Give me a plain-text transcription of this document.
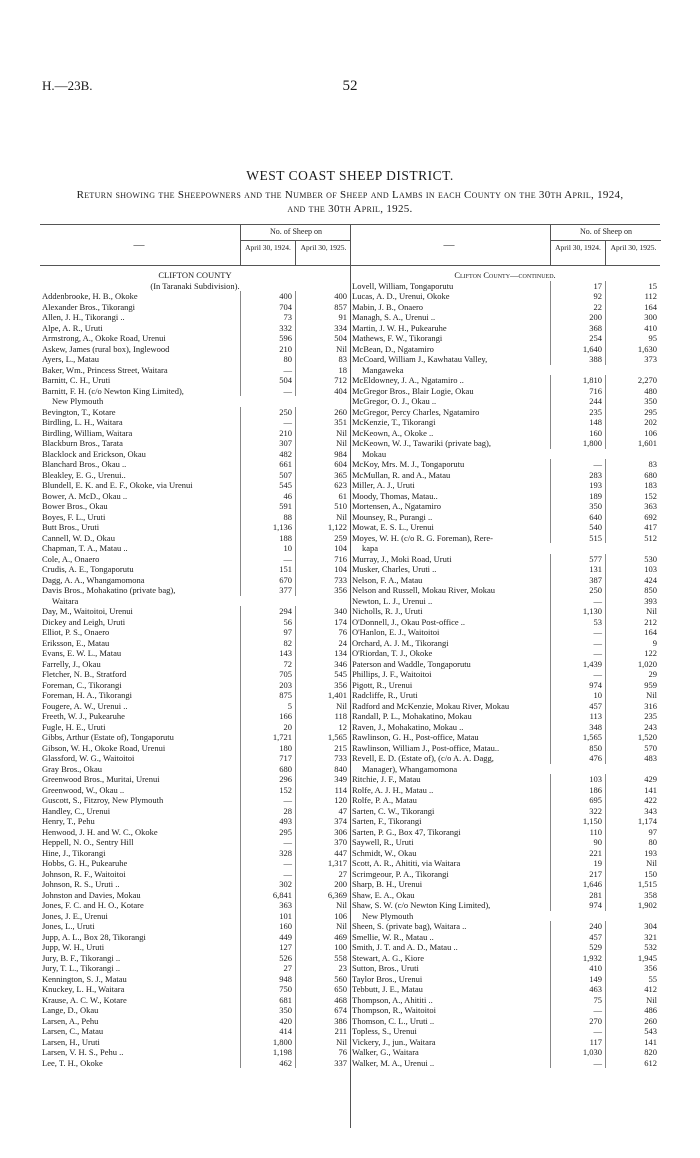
H.—23B.	52
WEST COAST SHEEP DISTRICT.
Return showing the Sheepowners and the Number of Sheep and Lambs in each County on the 30th April, 1924, and the 30th April, 1925.
—
No. of Sheep on
April 30, 1924.	April 30, 1925.
CLIFTON COUNTY
(In Taranaki Subdivision).
Addenbrooke, H. B., Okoke	400	400
Alexander Bros., Tikorangi	704	857
Allen, J. H., Tikorangi ..	73	91
Alpe, A. R., Uruti	332	334
Armstrong, A., Okoke Road, Urenui	596	504
Askew, James (rural box), Inglewood	210	Nil
Ayers, L., Matau	80	83
Baker, Wm., Princess Street, Waitara	—	18
Barnitt, C. H., Uruti	504	712
Barnitt, F. H. (c/o Newton King Limited),	—	404
New Plymouth
Bevington, T., Kotare	250	260
Birdling, L. H., Waitara	—	351
Birdling, William, Waitara	210	Nil
Blackburn Bros., Tarata	307	Nil
Blacklock and Erickson, Okau	482	984
Blanchard Bros., Okau ..	661	604
Bleakley, E. G., Urenui..	507	365
Blundell, E. K. and E. F., Okoke, via Urenui	545	623
Bower, A. McD., Okau ..	46	61
Bower Bros., Okau	591	510
Boyes, F. L., Uruti	88	Nil
Butt Bros., Uruti	1,136	1,122
Cannell, W. D., Okau	188	259
Chapman, T. A., Matau ..	10	104
Cole, A., Onaero	—	716
Crudis, A. E., Tongaporutu	151	104
Dagg, A. A., Whangamomona	670	733
Davis Bros., Mohakatino (private bag),	377	356
Waitara
Day, M., Waitoitoi, Urenui	294	340
Dickey and Leigh, Uruti	56	174
Elliot, P. S., Onaero	97	76
Eriksson, E., Matau	82	24
Evans, E. W. L., Matau	143	134
Farrelly, J., Okau	72	346
Fletcher, N. B., Stratford	705	545
Foreman, C., Tikorangi	203	356
Foreman, H. A., Tikorangi	875	1,401
Fougere, A. W., Urenui ..	5	Nil
Freeth, W. J., Pukearuhe	166	118
Fugle, H. E., Uruti	20	12
Gibbs, Arthur (Estate of), Tongaporutu	1,721	1,565
Gibson, W. H., Okoke Road, Urenui	180	215
Glassford, W. G., Waitoitoi	717	733
Gray Bros., Okau	680	840
Greenwood Bros., Muritai, Urenui	296	349
Greenwood, W., Okau ..	152	114
Guscott, S., Fitzroy, New Plymouth	—	120
Handley, C., Urenui	28	47
Henry, T., Pehu	493	374
Henwood, J. H. and W. C., Okoke	295	306
Heppell, N. O., Sentry Hill	—	370
Hine, J., Tikorangi	328	447
Hobbs, G. H., Pukearuhe	—	1,317
Johnson, R. F., Waitoitoi	—	27
Johnson, R. S., Uruti ..	302	200
Johnston and Davies, Mokau	6,841	6,369
Jones, F. C. and H. O., Kotare	363	Nil
Jones, J. E., Urenui	101	106
Jones, L., Uruti	160	Nil
Jupp, A. L., Box 28, Tikorangi	449	469
Jupp, W. H., Uruti	127	100
Jury, B. F., Tikorangi ..	526	558
Jury, T. L., Tikorangi ..	27	23
Kennington, S. J., Matau	948	560
Knuckey, L. H., Waitara	750	650
Krause, A. C. W., Kotare	681	468
Lange, D., Okau	350	674
Larsen, A., Pehu	420	386
Larsen, C., Matau	414	211
Larsen, H., Uruti	1,800	Nil
Larsen, V. H. S., Pehu ..	1,198	76
Lee, T. H., Okoke	462	337
—
No. of Sheep on
April 30, 1924.	April 30, 1925.
Clifton County—continued.
Lovell, William, Tongaporutu	17	15
Lucas, A. D., Urenui, Okoke	92	112
Mabin, J. B., Onaero	22	164
Managh, S. A., Urenui ..	200	300
Martin, J. W. H., Pukearuhe	368	410
Mathews, F. W., Tikorangi	254	95
McBean, D., Ngatamiro	1,640	1,630
McCoard, William J., Kawhatau Valley,	388	373
Mangaweka
McEldowney, J. A., Ngatamiro ..	1,810	2,270
McGregor Bros., Blair Logie, Okau	716	480
McGregor, O. J., Okau ..	244	350
McGregor, Percy Charles, Ngatamiro	235	295
McKenzie, T., Tikorangi	148	202
McKeown, A., Okoke ..	160	106
McKeown, W. J., Tawariki (private bag),	1,800	1,601
Mokau
McKoy, Mrs. M. J., Tongaporutu	—	83
McMullan, R. and A., Matau	283	680
Miller, A. J., Uruti	193	183
Moody, Thomas, Matau..	189	152
Mortensen, A., Ngatamiro	350	363
Mounsey, R., Purangi ..	640	692
Mowat, E. S. L., Urenui	540	417
Moyes, W. H. (c/o R. G. Foreman), Rere-	515	512
kapa
Murray, J., Moki Road, Uruti	577	530
Musker, Charles, Uruti ..	131	103
Nelson, F. A., Matau	387	424
Nelson and Russell, Mokau River, Mokau	250	850
Newton, L. J., Urenui ..	—	393
Nicholls, R. J., Uruti	1,130	Nil
O'Donnell, J., Okau Post-office ..	53	212
O'Hanlon, E. J., Waitoitoi	—	164
Orchard, A. J. M., Tikorangi	—	9
O'Riordan, T. J., Okoke	—	122
Paterson and Waddle, Tongaporutu	1,439	1,020
Phillips, J. F., Waitoitoi	—	29
Pigott, R., Urenui	974	959
Radcliffe, R., Uruti	10	Nil
Radford and McKenzie, Mokau River, Mokau	457	316
Randall, P. L., Mohakatino, Mokau	113	235
Raven, J., Mohakatino, Mokau ..	348	243
Rawlinson, G. H., Post-office, Matau	1,565	1,520
Rawlinson, William J., Post-office, Matau..	850	570
Revell, E. D. (Estate of), (c/o A. A. Dagg,	476	483
Manager), Whangamomona
Ritchie, J. F., Matau	103	429
Rolfe, A. J. H., Matau ..	186	141
Rolfe, P. A., Matau	695	422
Sarten, C. W., Tikorangi	322	343
Sarten, F., Tikorangi	1,150	1,174
Sarten, P. G., Box 47, Tikorangi	110	97
Saywell, R., Uruti	90	80
Schmidt, W., Okau	221	193
Scott, A. R., Ahititi, via Waitara	19	Nil
Scrimgeour, P. A., Tikorangi	217	150
Sharp, B. H., Urenui	1,646	1,515
Shaw, E. A., Okau	281	358
Shaw, S. W. (c/o Newton King Limited),	974	1,902
New Plymouth
Sheen, S. (private bag), Waitara ..	240	304
Smellie, W. R., Matau ..	457	321
Smith, J. T. and A. D., Matau ..	529	532
Stewart, A. G., Kiore	1,932	1,945
Sutton, Bros., Uruti	410	356
Taylor Bros., Urenui	149	55
Tebbutt, J. E., Matau	463	412
Thompson, A., Ahititi ..	75	Nil
Thompson, R., Waitoitoi	—	486
Thomson, C. L., Uruti ..	270	260
Topless, S., Urenui	—	543
Vickery, J., jun., Waitara	117	141
Walker, G., Waitara	1,030	820
Walker, M. A., Urenui ..	—	612
